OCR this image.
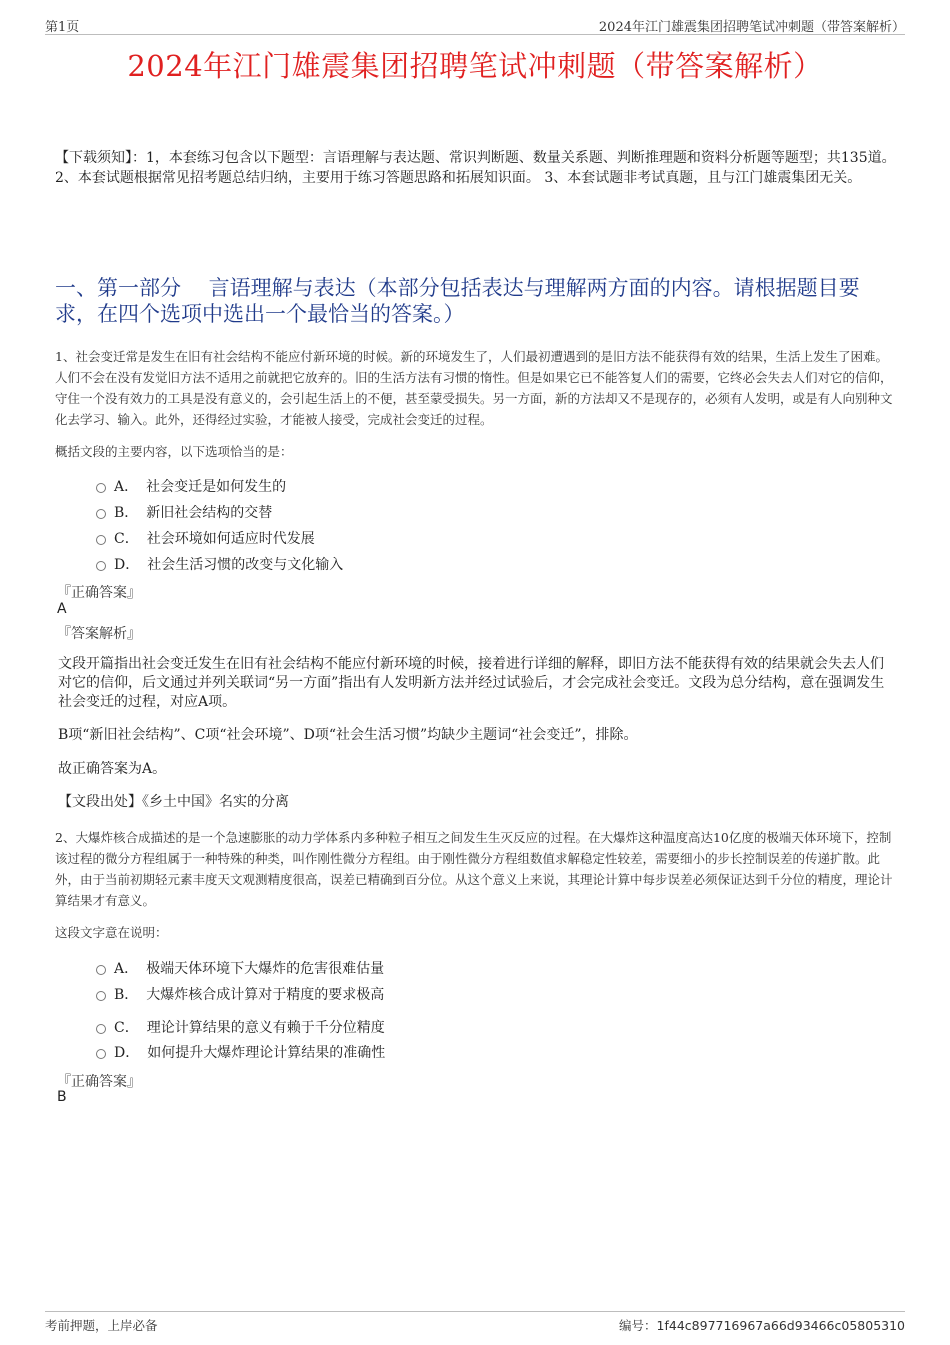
第1页	2024年江门雄震集团招聘笔试冲刺题（带答案解析）
2024年江门雄震集团招聘笔试冲刺题（带答案解析）
【下载须知】：1，本套练习包含以下题型：言语理解与表达题、常识判断题、数量关系题、判断推理题和资料分析题等题型；共135道。 2、本套试题根据常见招考题总结归纳，主要用于练习答题思路和拓展知识面。 3、本套试题非考试真题，且与江门雄震集团无关。
一、第一部分　 言语理解与表达（本部分包括表达与理解两方面的内容。请根据题目要求，在四个选项中选出一个最恰当的答案。）
1、社会变迁常是发生在旧有社会结构不能应付新环境的时候。新的环境发生了，人们最初遭遇到的是旧方法不能获得有效的结果，生活上发生了困难。人们不会在没有发觉旧方法不适用之前就把它放弃的。旧的生活方法有习惯的惰性。但是如果它已不能答复人们的需要，它终必会失去人们对它的信仰，守住一个没有效力的工具是没有意义的，会引起生活上的不便，甚至蒙受损失。另一方面，新的方法却又不是现存的，必须有人发明，或是有人向别种文化去学习、输入。此外，还得经过实验，才能被人接受，完成社会变迁的过程。
概括文段的主要内容，以下选项恰当的是：
A． 社会变迁是如何发生的
B． 新旧社会结构的交替
C． 社会环境如何适应时代发展
D． 社会生活习惯的改变与文化输入
『正确答案』
A
『答案解析』
文段开篇指出社会变迁发生在旧有社会结构不能应付新环境的时候，接着进行详细的解释，即旧方法不能获得有效的结果就会失去人们对它的信仰，后文通过并列关联词“另一方面”指出有人发明新方法并经过试验后，才会完成社会变迁。文段为总分结构，意在强调发生社会变迁的过程，对应A项。
B项“新旧社会结构”、C项“社会环境”、D项“社会生活习惯”均缺少主题词“社会变迁”，排除。
故正确答案为A。
【文段出处】《乡土中国》名实的分离
2、大爆炸核合成描述的是一个急速膨胀的动力学体系内多种粒子相互之间发生生灭反应的过程。在大爆炸这种温度高达10亿度的极端天体环境下，控制该过程的微分方程组属于一种特殊的种类，叫作刚性微分方程组。由于刚性微分方程组数值求解稳定性较差，需要细小的步长控制误差的传递扩散。此外，由于当前初期轻元素丰度天文观测精度很高，误差已精确到百分位。从这个意义上来说，其理论计算中每步误差必须保证达到千分位的精度，理论计算结果才有意义。
这段文字意在说明：
A． 极端天体环境下大爆炸的危害很难估量
B． 大爆炸核合成计算对于精度的要求极高
C． 理论计算结果的意义有赖于千分位精度
D． 如何提升大爆炸理论计算结果的准确性
『正确答案』
B
考前押题，上岸必备	编号：1f44c897716967a66d93466c05805310
